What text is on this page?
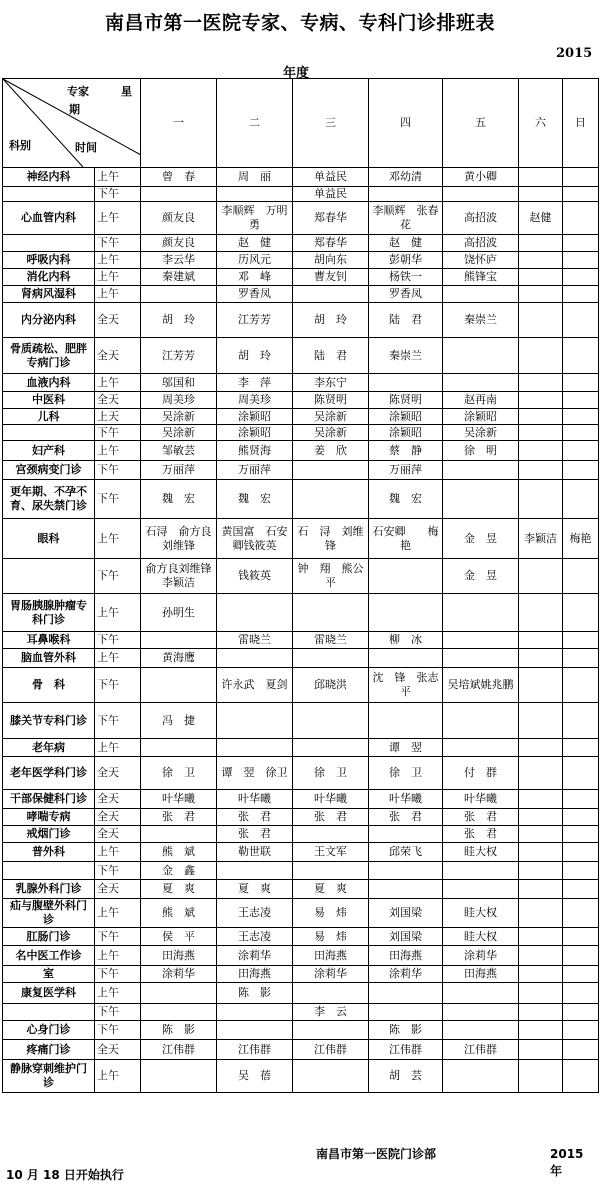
南昌市第一医院专家、专病、专科门诊排班表
2015
年度
专家 星
期
科别 时间		一	二	三	四	五	六	日
神经内科	上午	曾　春	周　丽	单益民	邓幼清	黄小卿		
	下午			单益民				
心血管内科	上午	颜友良	李顺辉　万明勇	郑春华	李顺辉　张春花	高招波	赵健	
	下午	颜友良	赵　健	郑春华	赵　健	高招波		
呼吸内科	上午	李云华	历风元	胡向东	彭朝华	饶怀庐		
消化内科	上午	秦建斌	邓　峰	曹友钊	杨铁一	熊锋宝		
肾病风湿科	上午		罗香凤		罗香凤			
内分泌内科	全天	胡　玲	江芳芳	胡　玲	陆　君	秦崇兰		
骨质疏松、肥胖专病门诊	全天	江芳芳	胡　玲	陆　君	秦崇兰			
血液内科	上午	邬国和	李　萍	李东宁				
中医科	全天	周美珍	周美珍	陈贤明	陈贤明	赵再南		
儿科	上天	吴涂新	涂颖昭	吴涂新	涂颖昭	涂颖昭		
	下午	吴涂新	涂颖昭	吴涂新	涂颖昭	吴涂新		
妇产科	上午	邹敏芸	熊贤海	姜　欣	蔡　静	徐　明		
宫颈病变门诊	下午	万丽萍	万丽萍		万丽萍			
更年期、不孕不育、尿失禁门诊	下午	魏　宏	魏　宏		魏　宏			
眼科	上午	石浔　俞方良　刘维锋	黄国富　石安卿钱筱英	石　浔　刘维锋	石安卿　　梅艳	金　昱	李颖洁	梅艳
	下午	俞方良刘维锋李颖洁	钱筱英	钟　翔　熊公平		金　昱		
胃肠胰腺肿瘤专科门诊	上午	孙明生						
耳鼻喉科	下午		雷晓兰	雷晓兰	柳　冰			
脑血管外科	上午	黄海鹰						
骨　科	下午		许永武　夏剑	邱晓洪	沈　锋　张志平	吴培斌姚兆鹏		
膝关节专科门诊	下午	冯　捷						
老年病	上午				谭　翌			
老年医学科门诊	全天	徐　卫	谭　翌　徐卫	徐　卫	徐　卫	付　群		
干部保健科门诊	全天	叶华曦	叶华曦	叶华曦	叶华曦	叶华曦		
哮喘专病	全天	张　君	张　君	张　君	张　君	张　君		
戒烟门诊	全天		张　君			张　君		
普外科	上午	熊　斌	勒世联	王文军	邱荣飞	眭大权		
	下午	金　鑫						
乳腺外科门诊	全天	夏　爽	夏　爽	夏　爽				
疝与腹壁外科门诊	上午	熊　斌	王志凌	易　炜	刘国梁	眭大权		
肛肠门诊	下午	侯　平	王志凌	易　炜	刘国梁	眭大权		
名中医工作诊	上午	田海燕	涂莉华	田海燕	田海燕	涂莉华		
室	下午	涂莉华	田海燕	涂莉华	涂莉华	田海燕		
康复医学科	上午		陈　影					
	下午			李　云				
心身门诊	下午	陈　影			陈　影			
疼痛门诊	全天	江伟群	江伟群	江伟群	江伟群	江伟群		
静脉穿刺维护门诊	上午		吴　蓓		胡　芸			
南昌市第一医院门诊部	2015　年
10 月 18 日开始执行
